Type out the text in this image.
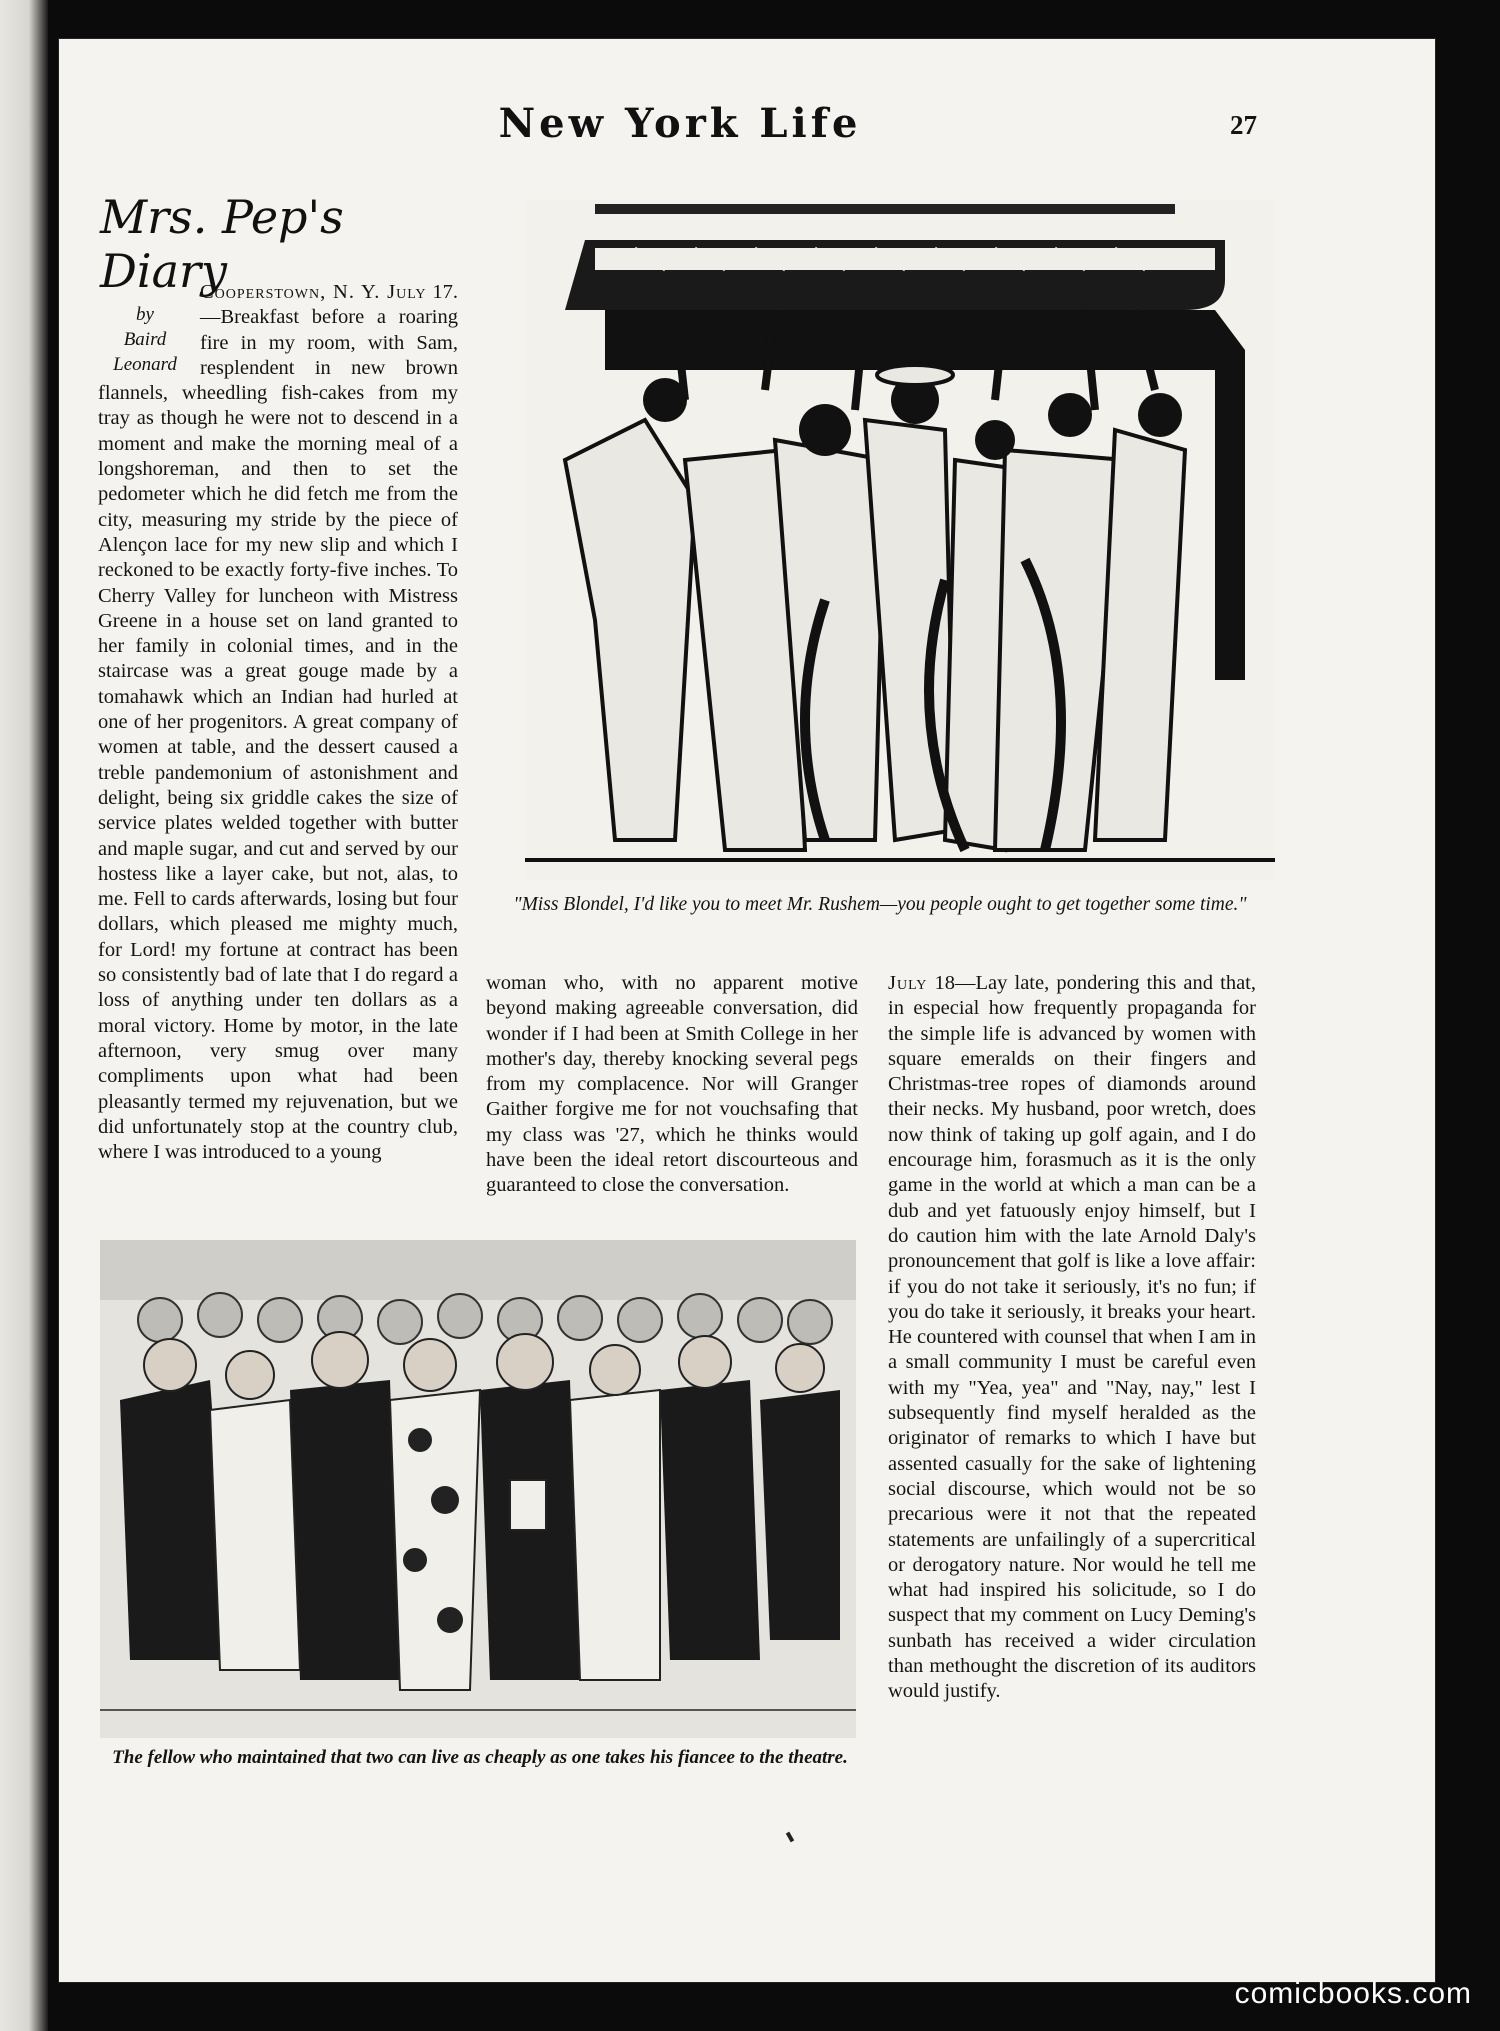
New York Life	27
Mrs. Pep's Diary
by
Baird
Leonard
Cooperstown, N. Y. July 17.—Breakfast before a roaring fire in my room, with Sam, resplendent in new brown flannels, wheedling fish-cakes from my tray as though he were not to descend in a moment and make the morning meal of a longshoreman, and then to set the pedometer which he did fetch me from the city, measuring my stride by the piece of Alençon lace for my new slip and which I reckoned to be exactly forty-five inches. To Cherry Valley for luncheon with Mistress Greene in a house set on land granted to her family in colonial times, and in the staircase was a great gouge made by a tomahawk which an Indian had hurled at one of her progenitors. A great company of women at table, and the dessert caused a treble pandemonium of astonishment and delight, being six griddle cakes the size of service plates welded together with butter and maple sugar, and cut and served by our hostess like a layer cake, but not, alas, to me. Fell to cards afterwards, losing but four dollars, which pleased me mighty much, for Lord! my fortune at contract has been so consistently bad of late that I do regard a loss of anything under ten dollars as a moral victory. Home by motor, in the late afternoon, very smug over many compliments upon what had been pleasantly termed my rejuvenation, but we did unfortunately stop at the country club, where I was introduced to a young
"Miss Blondel, I'd like you to meet Mr. Rushem—you people ought to get together some time."
woman who, with no apparent motive beyond making agreeable conversation, did wonder if I had been at Smith College in her mother's day, thereby knocking several pegs from my complacence. Nor will Granger Gaither forgive me for not vouchsafing that my class was '27, which he thinks would have been the ideal retort discourteous and guaranteed to close the conversation.
July 18—Lay late, pondering this and that, in especial how frequently propaganda for the simple life is advanced by women with square emeralds on their fingers and Christmas-tree ropes of diamonds around their necks. My husband, poor wretch, does now think of taking up golf again, and I do encourage him, forasmuch as it is the only game in the world at which a man can be a dub and yet fatuously enjoy himself, but I do caution him with the late Arnold Daly's pronouncement that golf is like a love affair: if you do not take it seriously, it's no fun; if you do take it seriously, it breaks your heart. He countered with counsel that when I am in a small community I must be careful even with my "Yea, yea" and "Nay, nay," lest I subsequently find myself heralded as the originator of remarks to which I have but assented casually for the sake of lightening social discourse, which would not be so precarious were it not that the repeated statements are unfailingly of a supercritical or derogatory nature. Nor would he tell me what had inspired his solicitude, so I do suspect that my comment on Lucy Deming's sunbath has received a wider circulation than methought the discretion of its auditors would justify.
The fellow who maintained that two can live as cheaply as one takes his fiancee to the theatre.
comicbooks.com
